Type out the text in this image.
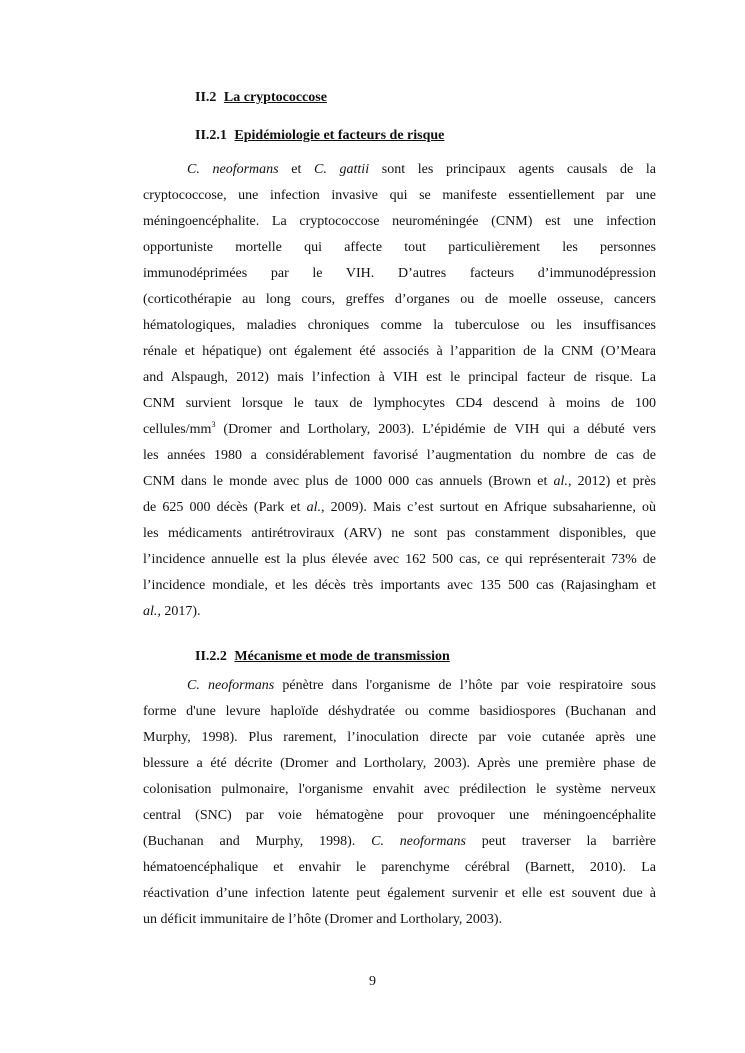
II.2 La cryptococcose
II.2.1 Epidémiologie et facteurs de risque

C. neoformans et C. gattii sont les principaux agents causals de la

cryptococcose, une infection invasive qui se manifeste essentiellement par une

méningoencéphalite. La cryptococcose neuroméningée (CNM) est une infection

opportuniste mortelle qui affecte tout particulièrement les personnes

immunodéprimées par le VIH. D’autres facteurs d’immunodépression

(corticothérapie au long cours, greffes d’organes ou de moelle osseuse, cancers

hématologiques, maladies chroniques comme la tuberculose ou les insuffisances

rénale et hépatique) ont également été associés à l’apparition de la CNM (O’Meara

and Alspaugh, 2012) mais l’infection à VIH est le principal facteur de risque. La

CNM survient lorsque le taux de lymphocytes CD4 descend à moins de 100

cellules/$mm^3$ (Dromer and Lortholary, 2003). L’épidémie de VIH qui a débuté vers

les années 1980 a considérablement favorisé l’augmentation du nombre de cas de

CNM dans le monde avec plus de 1000 000 cas annuels (Brown et al., 2012) et près

de 625 000 décès (Park et al., 2009). Mais c’est surtout en Afrique subsaharienne, où

les médicaments antirétroviraux (ARV) ne sont pas constamment disponibles, que

l’incidence annuelle est la plus élevée avec 162 500 cas, ce qui représenterait 73% de

l’incidence mondiale, et les décès très importants avec 135 500 cas (Rajasingham et

al., 2017).

II.2.2 Mécanisme et mode de transmission

C. neoformans pénètre dans l'organisme de l’hôte par voie respiratoire sous

forme d'une levure haploïde déshydratée ou comme basidiospores (Buchanan and

Murphy, 1998). Plus rarement, l’inoculation directe par voie cutanée après une

blessure a été décrite (Dromer and Lortholary, 2003). Après une première phase de

colonisation pulmonaire, l'organisme envahit avec prédilection le système nerveux

central (SNC) par voie hématogène pour provoquer une méningoencéphalite

(Buchanan and Murphy, 1998). C. neoformans peut traverser la barrière

hématoencéphalique et envahir le parenchyme cérébral (Barnett, 2010). La

réactivation d’une infection latente peut également survenir et elle est souvent due à

un déficit immunitaire de l’hôte (Dromer and Lortholary, 2003).

9
